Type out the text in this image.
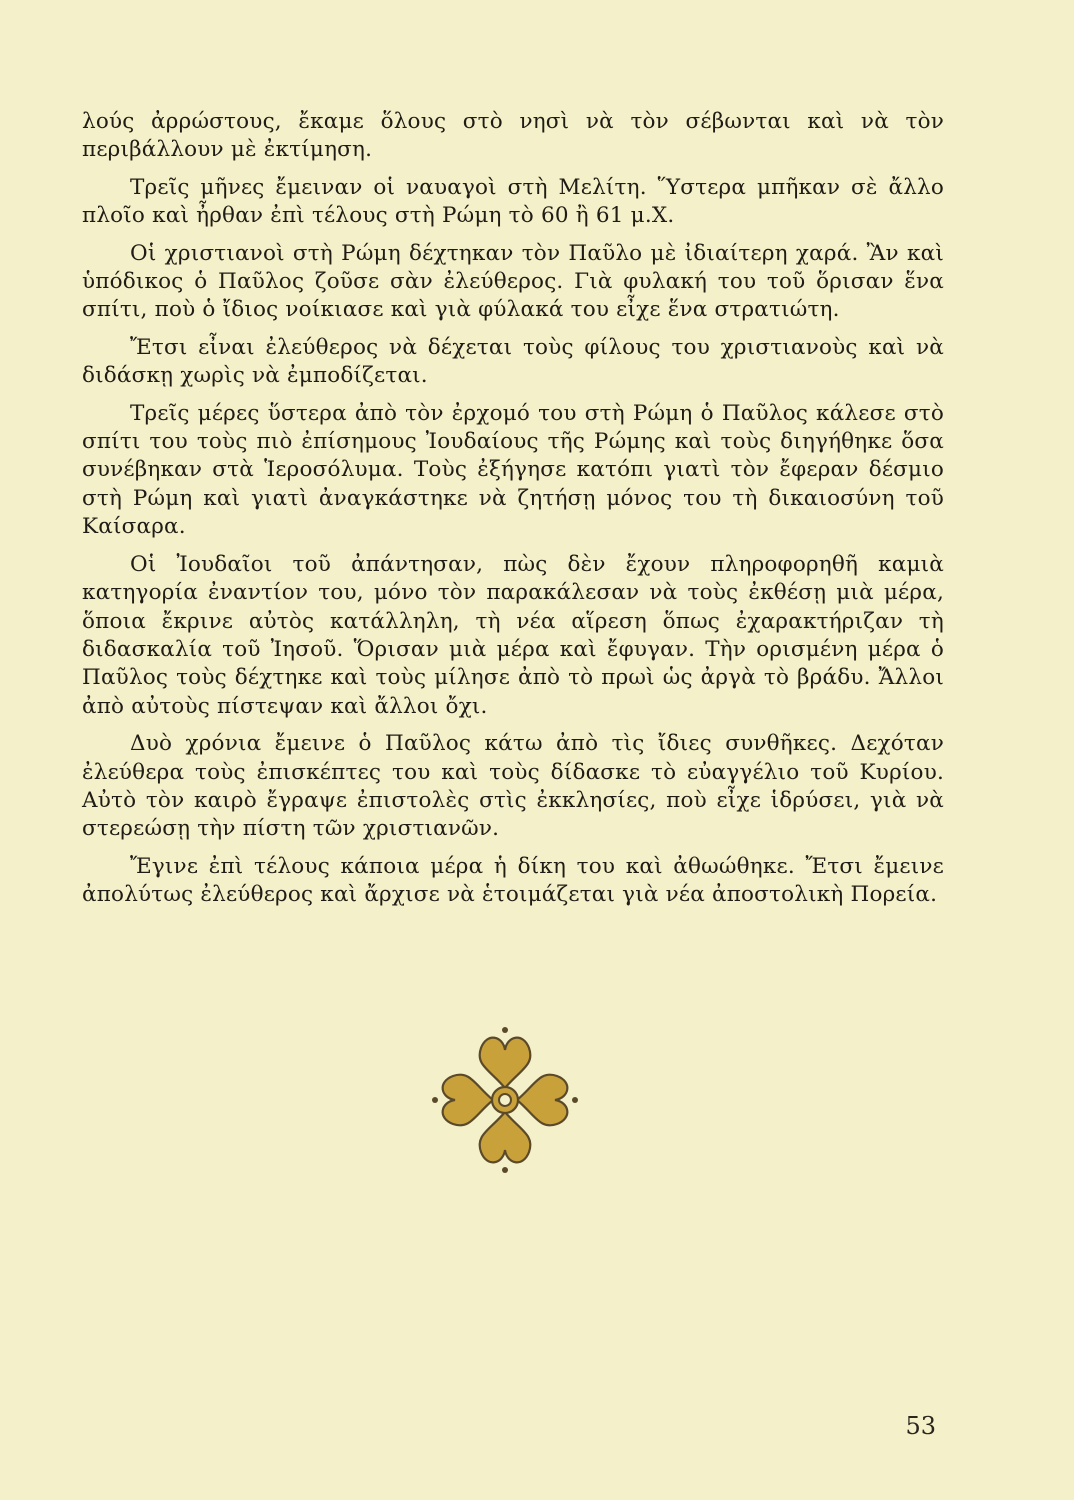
λούς ἀρρώστους, ἔκαμε ὅλους στὸ νησὶ νὰ τὸν σέβωνται καὶ νὰ τὸν περιβάλλουν μὲ ἐκτίμηση.

Τρεῖς μῆνες ἔμειναν οἱ ναυαγοὶ στὴ Μελίτη. Ὕστερα μπῆκαν σὲ ἄλλο πλοῖο καὶ ἦρθαν ἐπὶ τέλους στὴ Ρώμη τὸ 60 ἢ 61 μ.Χ.

Οἱ χριστιανοὶ στὴ Ρώμη δέχτηκαν τὸν Παῦλο μὲ ἰδιαίτερη χαρά. Ἂν καὶ ὑπόδικος ὁ Παῦλος ζοῦσε σὰν ἐλεύθερος. Γιὰ φυλακή του τοῦ ὅρισαν ἕνα σπίτι, ποὺ ὁ ἴδιος νοίκιασε καὶ γιὰ φύλακά του εἶχε ἕνα στρατιώτη.

Ἔτσι εἶναι ἐλεύθερος νὰ δέχεται τοὺς φίλους του χριστιανοὺς καὶ νὰ διδάσκῃ χωρὶς νὰ ἐμποδίζεται.

Τρεῖς μέρες ὕστερα ἀπὸ τὸν ἐρχομό του στὴ Ρώμη ὁ Παῦλος κάλεσε στὸ σπίτι του τοὺς πιὸ ἐπίσημους Ἰουδαίους τῆς Ρώμης καὶ τοὺς διηγήθηκε ὅσα συνέβηκαν στὰ Ἱεροσόλυμα. Τοὺς ἐξήγησε κατόπι γιατὶ τὸν ἔφεραν δέσμιο στὴ Ρώμη καὶ γιατὶ ἀναγκάστηκε νὰ ζητήσῃ μόνος του τὴ δικαιοσύνη τοῦ Καίσαρα.

Οἱ Ἰουδαῖοι τοῦ ἀπάντησαν, πὼς δὲν ἔχουν πληροφορηθῆ καμιὰ κατηγορία ἐναντίον του, μόνο τὸν παρακάλεσαν νὰ τοὺς ἐκθέσῃ μιὰ μέρα, ὅποια ἔκρινε αὐτὸς κατάλληλη, τὴ νέα αἵρεση ὅπως ἐχαρακτήριζαν τὴ διδασκαλία τοῦ Ἰησοῦ. Ὅρισαν μιὰ μέρα καὶ ἔφυγαν. Τὴν ορισμένη μέρα ὁ Παῦλος τοὺς δέχτηκε καὶ τοὺς μίλησε ἀπὸ τὸ πρωὶ ὡς ἀργὰ τὸ βράδυ. Ἄλλοι ἀπὸ αὐτοὺς πίστεψαν καὶ ἄλλοι ὄχι.

Δυὸ χρόνια ἔμεινε ὁ Παῦλος κάτω ἀπὸ τὶς ἴδιες συνθῆκες. Δεχόταν ἐλεύθερα τοὺς ἐπισκέπτες του καὶ τοὺς δίδασκε τὸ εὐαγγέλιο τοῦ Κυρίου. Αὐτὸ τὸν καιρὸ ἔγραψε ἐπιστολὲς στὶς ἐκκλησίες, ποὺ εἶχε ἱδρύσει, γιὰ νὰ στερεώσῃ τὴν πίστη τῶν χριστιανῶν.

Ἔγινε ἐπὶ τέλους κάποια μέρα ἡ δίκη του καὶ ἀθωώθηκε. Ἔτσι ἔμεινε ἀπολύτως ἐλεύθερος καὶ ἄρχισε νὰ ἑτοιμάζεται γιὰ νέα ἀποστολικὴ Πορεία.

53
